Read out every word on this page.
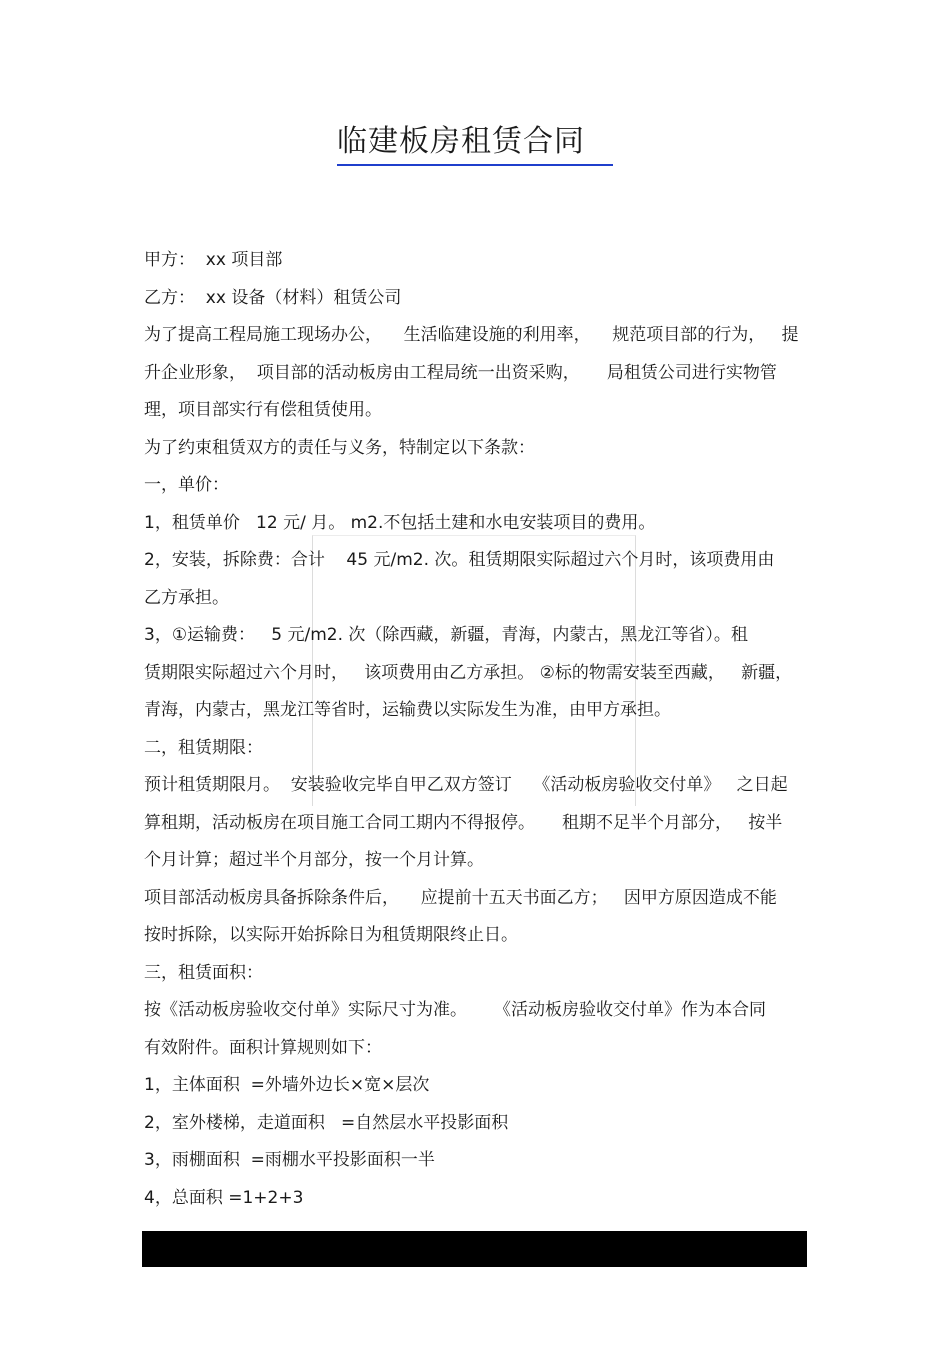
临建板房租赁合同
甲方：  xx 项目部
乙方：  xx 设备（材料）租赁公司
为了提高工程局施工现场办公，    生活临建设施的利用率，    规范项目部的行为，   提
升企业形象，  项目部的活动板房由工程局统一出资采购，     局租赁公司进行实物管
理，项目部实行有偿租赁使用。
为了约束租赁双方的责任与义务，特制定以下条款：
一，单价：
1，租赁单价   12 元/ 月。 m2.不包括土建和水电安装项目的费用。
2，安装，拆除费：合计    45 元/m2. 次。租赁期限实际超过六个月时，该项费用由
乙方承担。
3，①运输费：   5 元/m2. 次（除西藏，新疆，青海，内蒙古，黑龙江等省）。租
赁期限实际超过六个月时，   该项费用由乙方承担。 ②标的物需安装至西藏，   新疆，
青海，内蒙古，黑龙江等省时，运输费以实际发生为准，由甲方承担。
二，租赁期限：
预计租赁期限月。  安装验收完毕自甲乙双方签订    《活动板房验收交付单》   之日起
算租期，活动板房在项目施工合同工期内不得报停。     租期不足半个月部分，   按半
个月计算；超过半个月部分，按一个月计算。
项目部活动板房具备拆除条件后，    应提前十五天书面乙方；   因甲方原因造成不能
按时拆除，以实际开始拆除日为租赁期限终止日。
三，租赁面积：
按《活动板房验收交付单》实际尺寸为准。     《活动板房验收交付单》作为本合同
有效附件。面积计算规则如下：
1，主体面积  =外墙外边长×宽×层次
2，室外楼梯，走道面积   =自然层水平投影面积
3，雨棚面积  =雨棚水平投影面积一半
4，总面积 =1+2+3
